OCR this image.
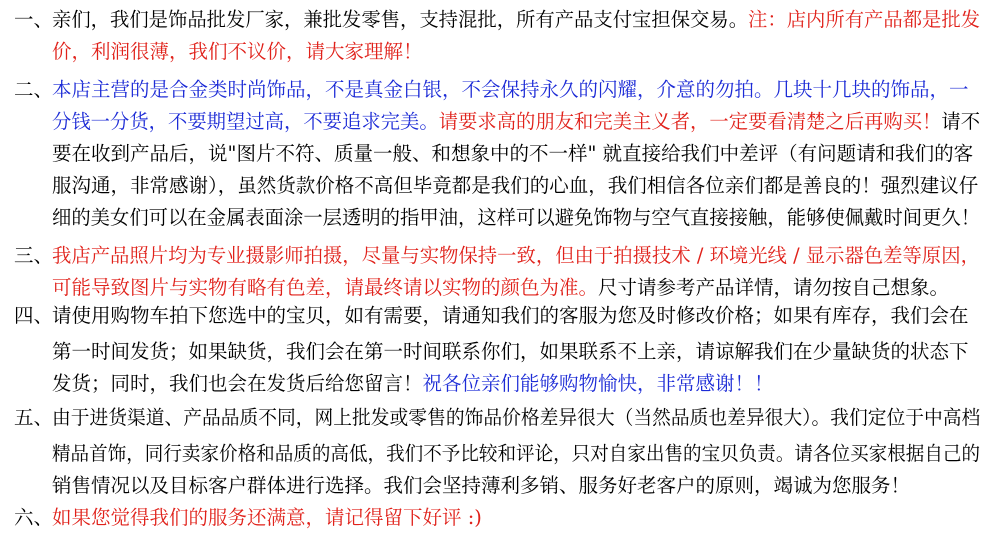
一、
亲们，我们是饰品批发厂家，兼批发零售，支持混批，所有产品支付宝担保交易。注：店内所有产品都是批发
价，利润很薄，我们不议价，请大家理解！
二、
本店主营的是合金类时尚饰品，不是真金白银，不会保持永久的闪耀，介意的勿拍。几块十几块的饰品，一
分钱一分货，不要期望过高，不要追求完美。请要求高的朋友和完美主义者，一定要看清楚之后再购买！请不
要在收到产品后，说"图片不符、质量一般、和想象中的不一样" 就直接给我们中差评（有问题请和我们的客
服沟通，非常感谢），虽然货款价格不高但毕竟都是我们的心血，我们相信各位亲们都是善良的！强烈建议仔
细的美女们可以在金属表面涂一层透明的指甲油，这样可以避免饰物与空气直接接触，能够使佩戴时间更久！
三、
我店产品照片均为专业摄影师拍摄，尽量与实物保持一致，但由于拍摄技术 / 环境光线 / 显示器色差等原因，
可能导致图片与实物有略有色差，请最终请以实物的颜色为准。尺寸请参考产品详情，请勿按自己想象。
四、
请使用购物车拍下您选中的宝贝，如有需要，请通知我们的客服为您及时修改价格；如果有库存，我们会在
第一时间发货；如果缺货，我们会在第一时间联系你们，如果联系不上亲，请谅解我们在少量缺货的状态下
发货；同时，我们也会在发货后给您留言！祝各位亲们能够购物愉快，非常感谢！！
五、
由于进货渠道、产品品质不同，网上批发或零售的饰品价格差异很大（当然品质也差异很大）。我们定位于中高档
精品首饰，同行卖家价格和品质的高低，我们不予比较和评论，只对自家出售的宝贝负责。请各位买家根据自己的
销售情况以及目标客户群体进行选择。我们会坚持薄利多销、服务好老客户的原则，竭诚为您服务！
六、
如果您觉得我们的服务还满意，请记得留下好评 :)
